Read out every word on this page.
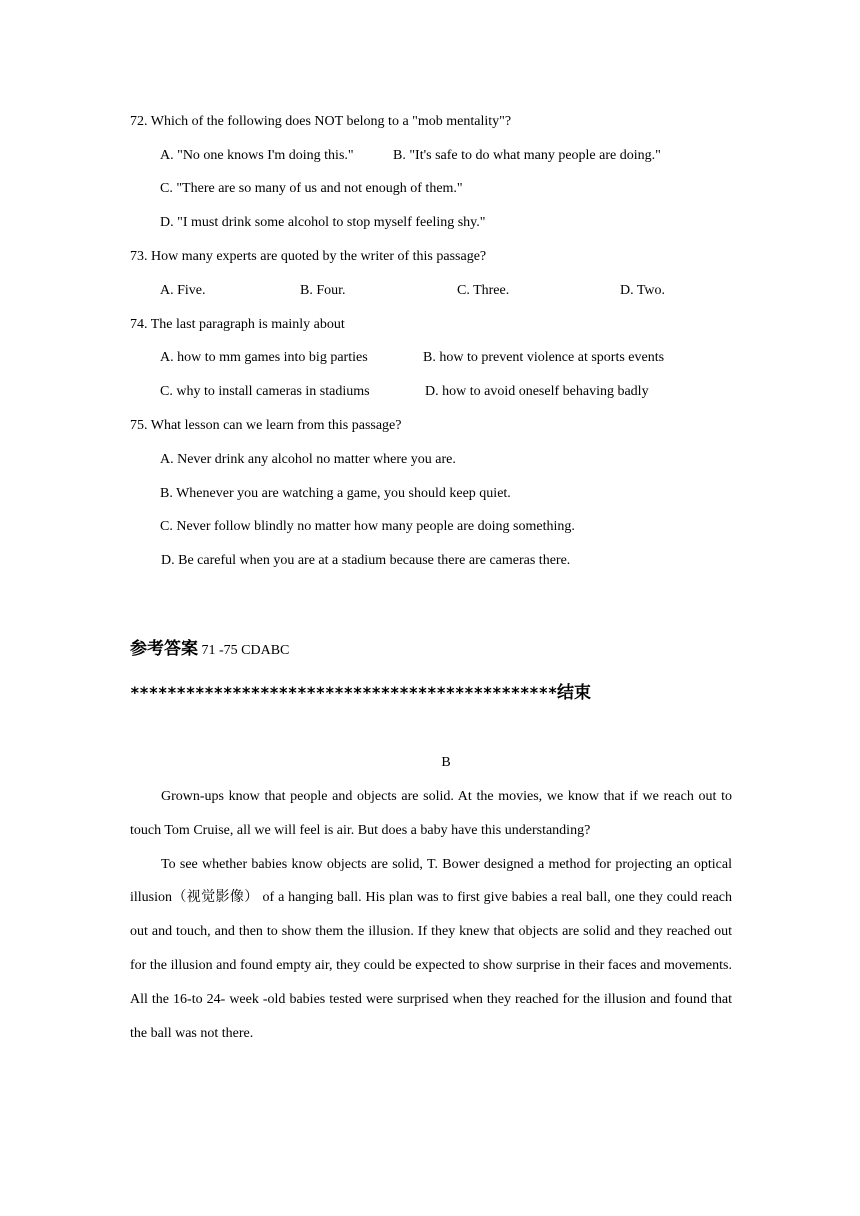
72. Which of the following does NOT belong to a "mob mentality"?
A. "No one knows I'm doing this."	B. "It's safe to do what many people are doing."
C. "There are so many of us and not enough of them."
D. "I must drink some alcohol to stop myself feeling shy."
73. How many experts are quoted by the writer of this passage?
A. Five.	B. Four.	C. Three.	D. Two.
74. The last paragraph is mainly about
A. how to mm games into big parties	B. how to prevent violence at sports events
C. why to install cameras in stadiums	D. how to avoid oneself behaving badly
75. What lesson can we learn from this passage?
A. Never drink any alcohol no matter where you are.
B. Whenever you are watching a game, you should keep quiet.
C. Never follow blindly no matter how many people are doing something.
D. Be careful when you are at a stadium because there are cameras there.
参考答案 71 -75 CDABC
**********************************************结束
B

Grown-ups know that people and objects are solid. At the movies, we know that if we reach out to touch Tom Cruise, all we will feel is air. But does a baby have this understanding?

To see whether babies know objects are solid, T. Bower designed a method for projecting an optical illusion（视觉影像） of a hanging ball. His plan was to first give babies a real ball, one they could reach out and touch, and then to show them the illusion. If they knew that objects are solid and they reached out for the illusion and found empty air, they could be expected to show surprise in their faces and movements. All the 16-to 24- week -old babies tested were surprised when they reached for the illusion and found that the ball was not there.
